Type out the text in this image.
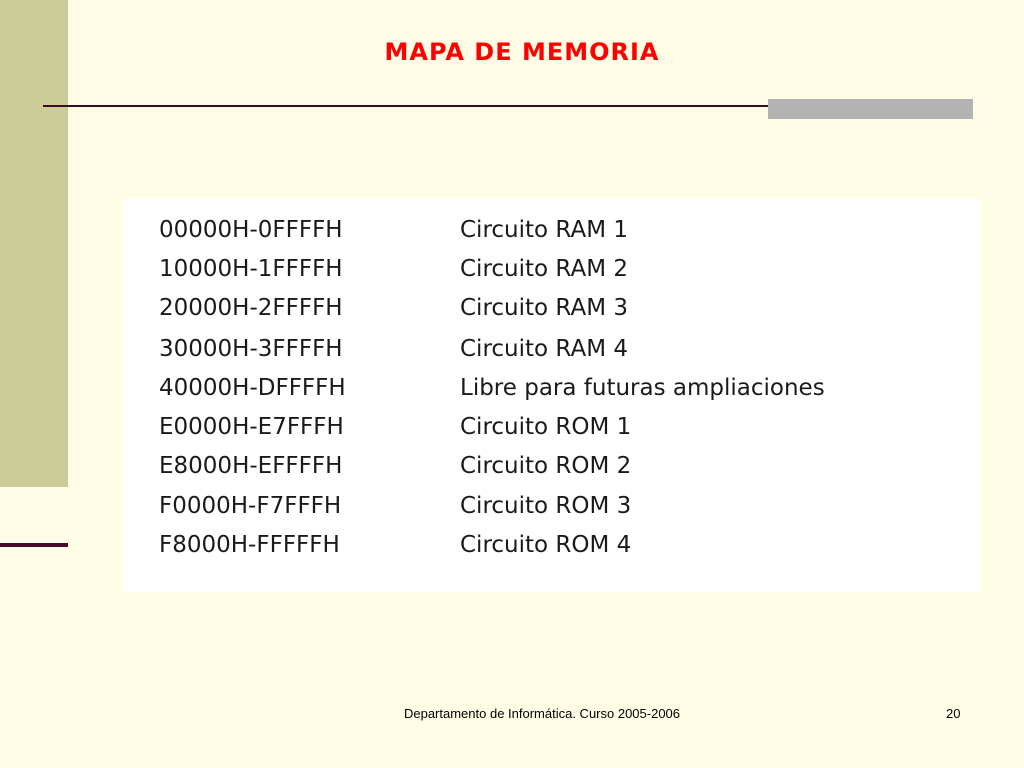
MAPA DE MEMORIA
00000H-0FFFFH	Circuito RAM 1
10000H-1FFFFH	Circuito RAM 2
20000H-2FFFFH	Circuito RAM 3
30000H-3FFFFH	Circuito RAM 4
40000H-DFFFFH	Libre para futuras ampliaciones
E0000H-E7FFFH	Circuito ROM 1
E8000H-EFFFFH	Circuito ROM 2
F0000H-F7FFFH	Circuito ROM 3
F8000H-FFFFFH	Circuito ROM 4
Departamento de Informática. Curso 2005-2006	20
